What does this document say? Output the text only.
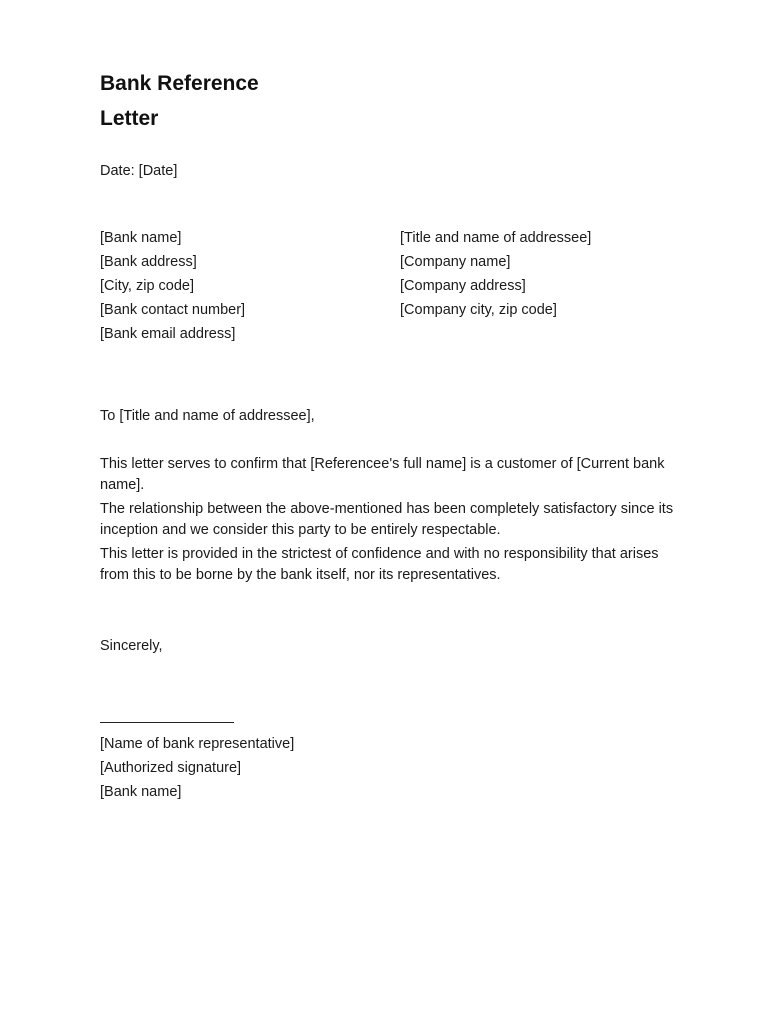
Bank Reference
Letter
Date: [Date]
[Bank name]
[Bank address]
[City, zip code]
[Bank contact number]
[Bank email address]
[Title and name of addressee]
[Company name]
[Company address]
[Company city, zip code]
To [Title and name of addressee],

This letter serves to confirm that [Referencee's full name] is a customer of [Current bank name].

The relationship between the above-mentioned has been completely satisfactory since its inception and we consider this party to be entirely respectable.

This letter is provided in the strictest of confidence and with no responsibility that arises from this to be borne by the bank itself, nor its representatives.

Sincerely,
[Name of bank representative]
[Authorized signature]
[Bank name]
